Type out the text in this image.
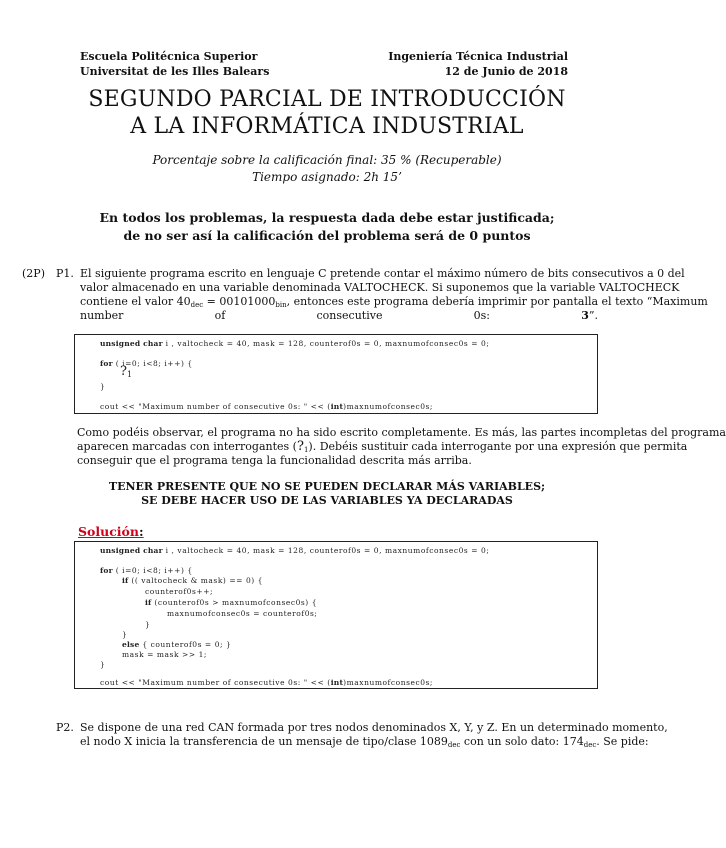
Escuela Politécnica Superior
Universitat de les Illes Balears
Ingeniería Técnica Industrial
12 de Junio de 2018
SEGUNDO PARCIAL DE INTRODUCCIÓN
A LA INFORMÁTICA INDUSTRIAL
Porcentaje sobre la calificación final: 35 % (Recuperable)
Tiempo asignado: 2h 15’
En todos los problemas, la respuesta dada debe estar justificada;
de no ser así la calificación del problema será de 0 puntos
(2P) P1. El siguiente programa escrito en lenguaje C pretende contar el máximo número de bits consecutivos a 0 del
valor almacenado en una variable denominada VALTOCHECK. Si suponemos que la variable VALTOCHECK
contiene el valor $40_{dec} = 00101000_{bin}$, entonces este programa debería imprimir por pantalla el texto “Maximum
number of consecutive 0s: 3”.
unsigned char i , valtocheck = 40, mask = 128, counterof0s = 0, maxnumofconsec0s = 0;
for ( i=0; i<8; i++) {
$?_1$
}
cout << "Maximum number of consecutive 0s: " << (int)maxnumofconsec0s;
Como podéis observar, el programa no ha sido escrito completamente. Es más, las partes incompletas del programa
aparecen marcadas con interrogantes $(?_1)$. Debéis sustituir cada interrogante por una expresión que permita
conseguir que el programa tenga la funcionalidad descrita más arriba.
TENER PRESENTE QUE NO SE PUEDEN DECLARAR MÁS VARIABLES;
SE DEBE HACER USO DE LAS VARIABLES YA DECLARADAS
Solución:
unsigned char i , valtocheck = 40, mask = 128, counterof0s = 0, maxnumofconsec0s = 0;
for ( i=0; i<8; i++) {
if (( valtocheck & mask) == 0) {
counterof0s++;
if (counterof0s > maxnumofconsec0s) {
maxnumofconsec0s = counterof0s;
}
}
else { counterof0s = 0; }
mask = mask >> 1;
}
cout << "Maximum number of consecutive 0s: " << (int)maxnumofconsec0s;
P2. Se dispone de una red CAN formada por tres nodos denominados X, Y, y Z. En un determinado momento,
el nodo X inicia la transferencia de un mensaje de tipo/clase $1089_{dec}$ con un solo dato: $174_{dec}$. Se pide:
